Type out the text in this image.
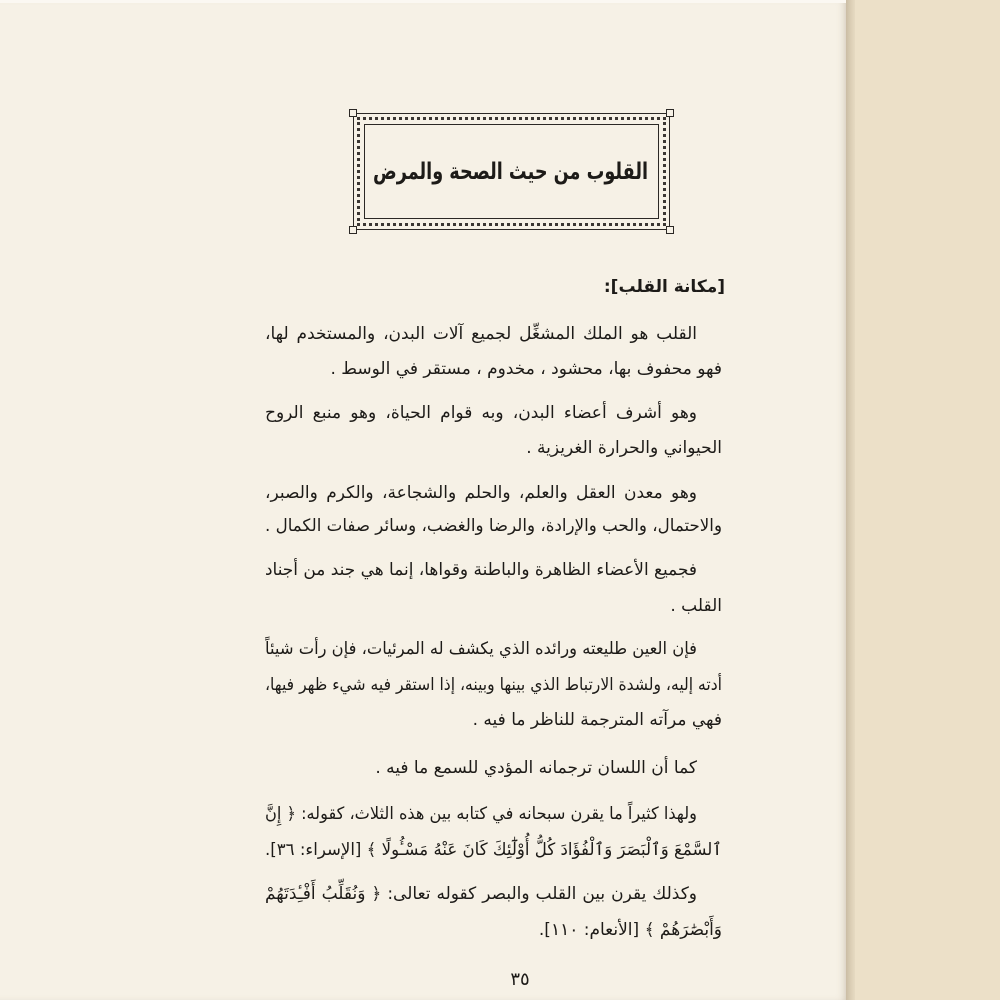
القلوب من حيث الصحة والمرض
[مكانة القلب]:
القلب هو الملك المشغِّل لجميع آلات البدن، والمستخدم لها،
فهو محفوف بها، محشود ، مخدوم ، مستقر في الوسط .
وهو أشرف أعضاء البدن، وبه قوام الحياة، وهو منبع الروح
الحيواني والحرارة الغريزية .
وهو معدن العقل والعلم، والحلم والشجاعة، والكرم والصبر،
والاحتمال، والحب والإرادة، والرضا والغضب، وسائر صفات الكمال .
فجميع الأعضاء الظاهرة والباطنة وقواها، إنما هي جند من أجناد
القلب .
فإن العين طليعته ورائده الذي يكشف له المرئيات، فإن رأت شيئاً
أدته إليه، ولشدة الارتباط الذي بينها وبينه، إذا استقر فيه شيء ظهر فيها،
فهي مرآته المترجمة للناظر ما فيه .
كما أن اللسان ترجمانه المؤدي للسمع ما فيه .
ولهذا كثيراً ما يقرن سبحانه في كتابه بين هذه الثلاث، كقوله: ﴿ إِنَّ
ٱلسَّمْعَ وَٱلْبَصَرَ وَٱلْفُؤَادَ كُلُّ أُوْلَٰٓئِكَ كَانَ عَنْهُ مَسْـُٔولًا ﴾ [الإسراء: ٣٦].
وكذلك يقرن بين القلب والبصر كقوله تعالى: ﴿ وَنُقَلِّبُ أَفْـِٔدَتَهُمْ
وَأَبْصَٰرَهُمْ ﴾ [الأنعام: ١١٠].
٣٥
